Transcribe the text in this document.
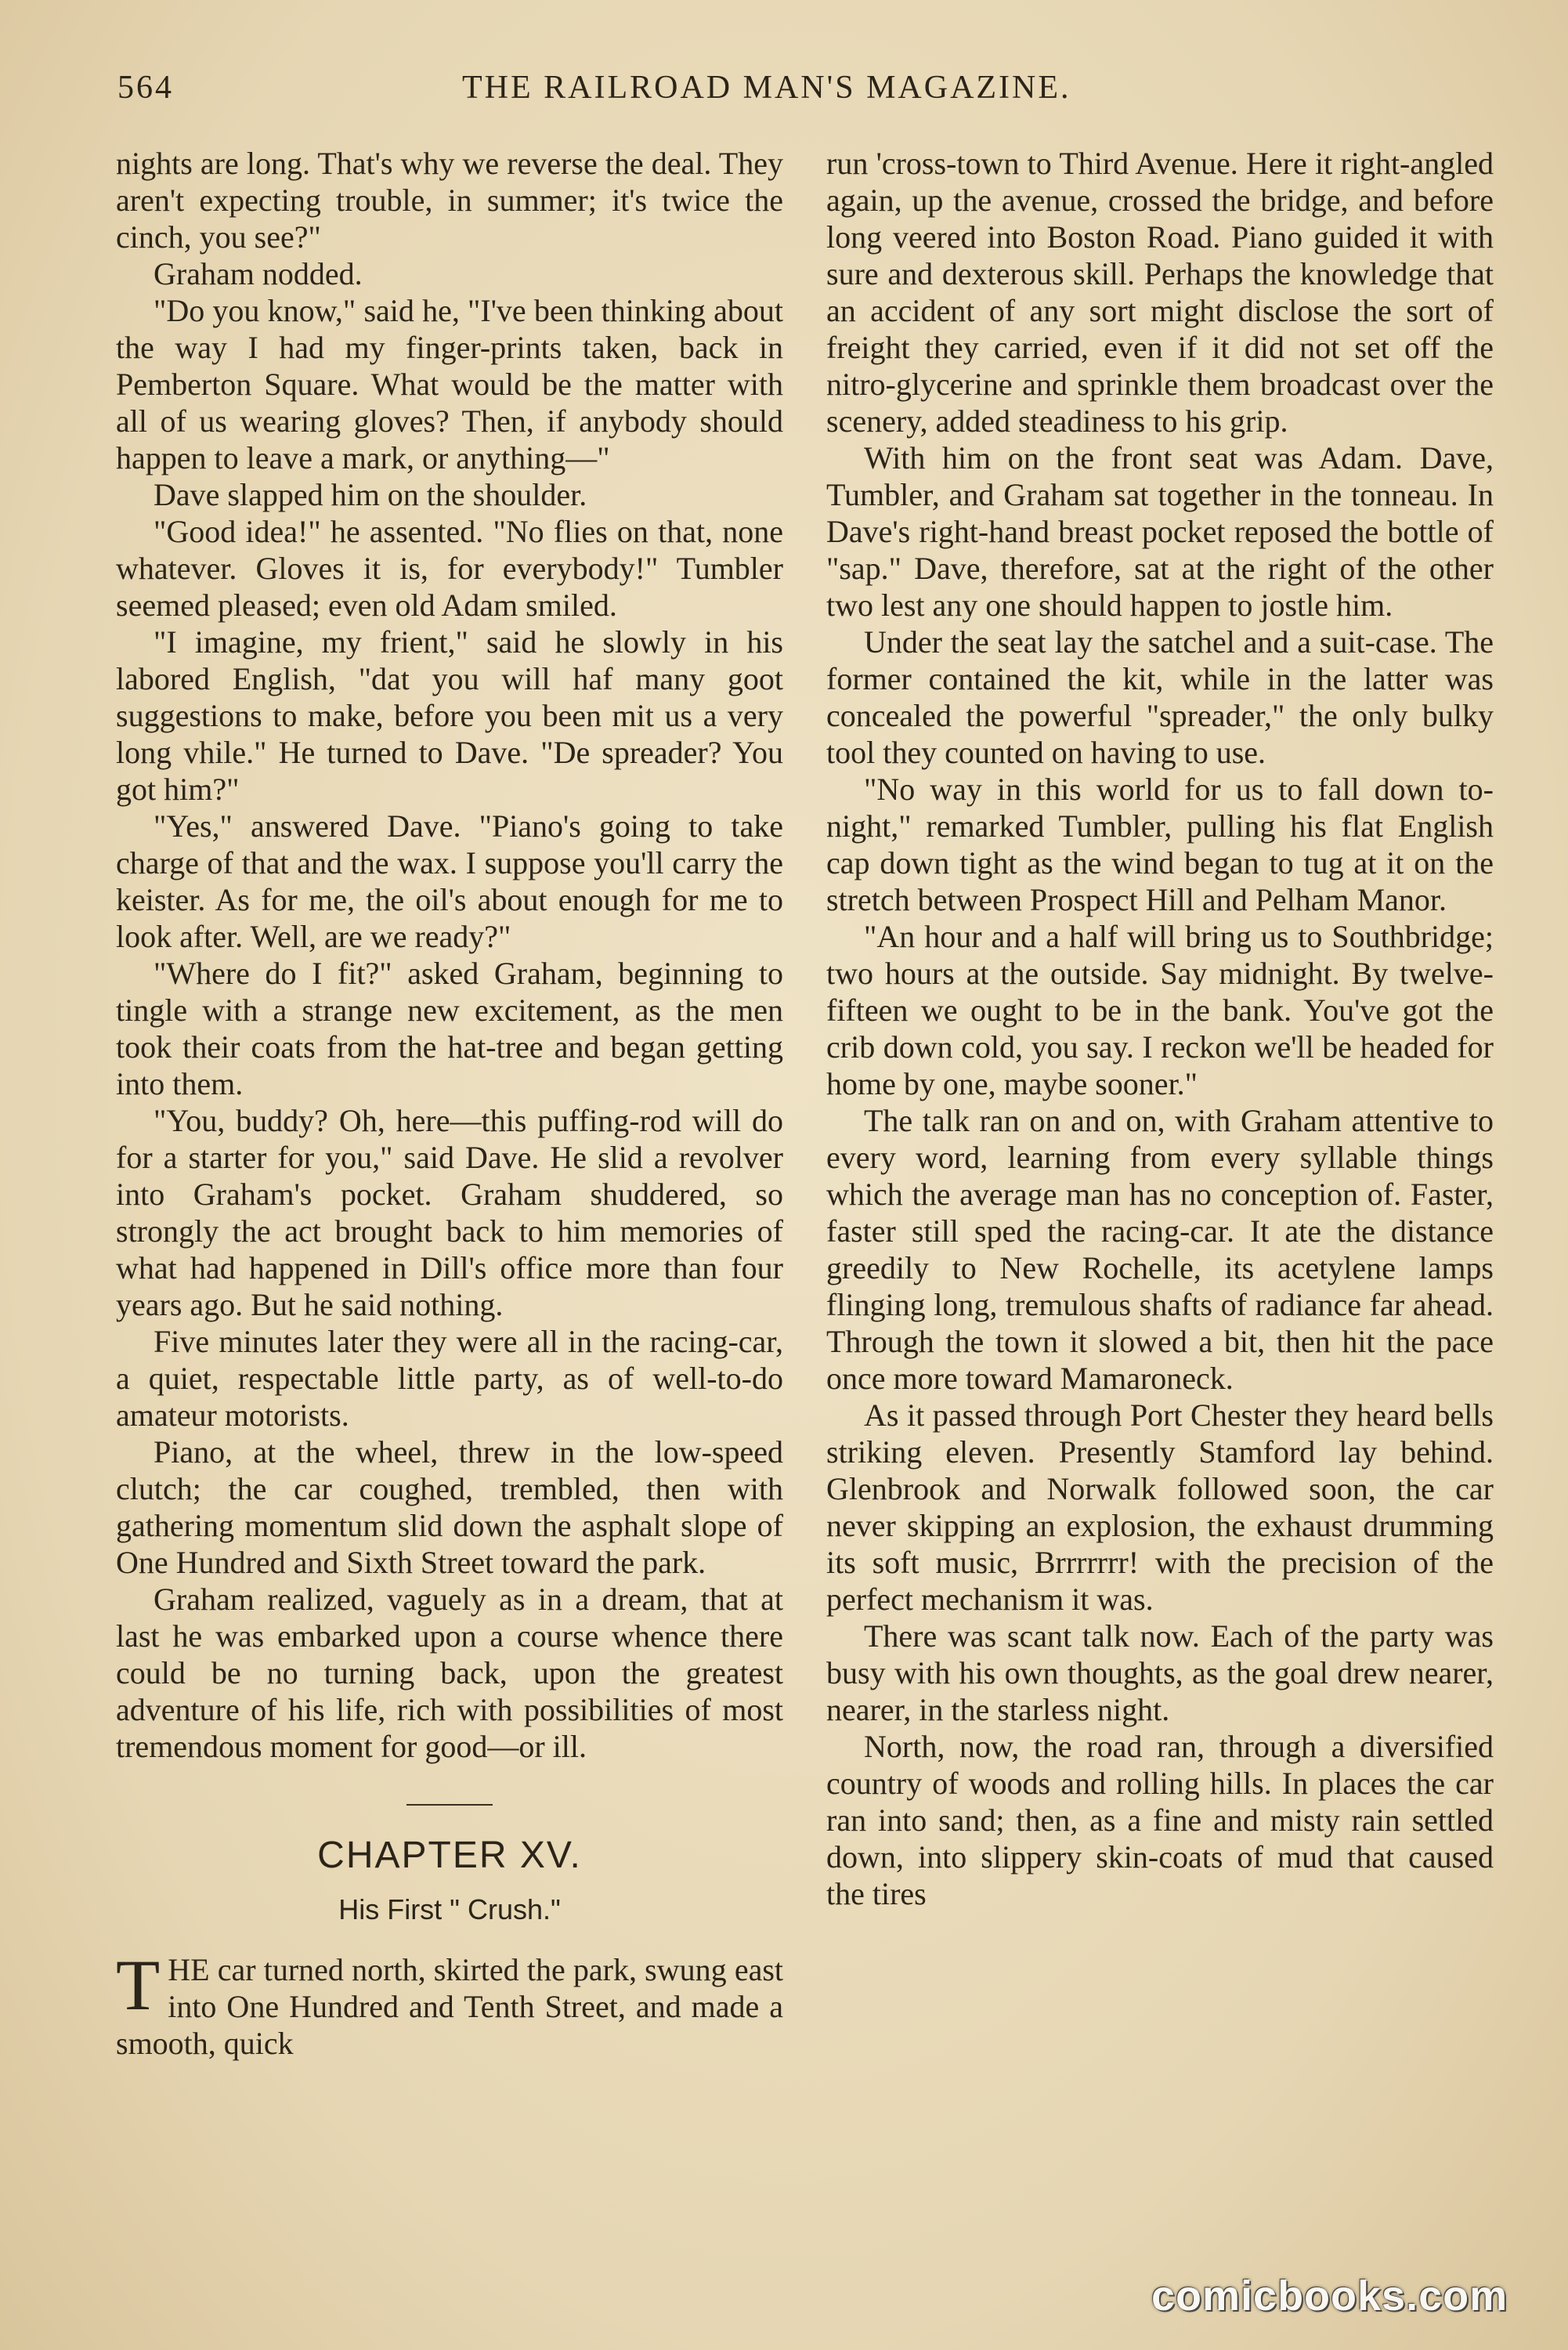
564	THE RAILROAD MAN'S MAGAZINE.

nights are long. That's why we reverse the deal. They aren't expecting trouble, in summer; it's twice the cinch, you see?"

Graham nodded.

"Do you know," said he, "I've been thinking about the way I had my finger-prints taken, back in Pemberton Square. What would be the matter with all of us wearing gloves? Then, if anybody should happen to leave a mark, or anything—"

Dave slapped him on the shoulder.

"Good idea!" he assented. "No flies on that, none whatever. Gloves it is, for everybody!" Tumbler seemed pleased; even old Adam smiled.

"I imagine, my frient," said he slowly in his labored English, "dat you will haf many goot suggestions to make, before you been mit us a very long vhile." He turned to Dave. "De spreader? You got him?"

"Yes," answered Dave. "Piano's going to take charge of that and the wax. I suppose you'll carry the keister. As for me, the oil's about enough for me to look after. Well, are we ready?"

"Where do I fit?" asked Graham, beginning to tingle with a strange new excitement, as the men took their coats from the hat-tree and began getting into them.

"You, buddy? Oh, here—this puffing-rod will do for a starter for you," said Dave. He slid a revolver into Graham's pocket. Graham shuddered, so strongly the act brought back to him memories of what had happened in Dill's office more than four years ago. But he said nothing.

Five minutes later they were all in the racing-car, a quiet, respectable little party, as of well-to-do amateur motorists.

Piano, at the wheel, threw in the low-speed clutch; the car coughed, trembled, then with gathering momentum slid down the asphalt slope of One Hundred and Sixth Street toward the park.

Graham realized, vaguely as in a dream, that at last he was embarked upon a course whence there could be no turning back, upon the greatest adventure of his life, rich with possibilities of most tremendous moment for good—or ill.

CHAPTER XV.
His First " Crush."

THE car turned north, skirted the park, swung east into One Hundred and Tenth Street, and made a smooth, quick

run 'cross-town to Third Avenue. Here it right-angled again, up the avenue, crossed the bridge, and before long veered into Boston Road. Piano guided it with sure and dexterous skill. Perhaps the knowledge that an accident of any sort might disclose the sort of freight they carried, even if it did not set off the nitro-glycerine and sprinkle them broadcast over the scenery, added steadiness to his grip.

With him on the front seat was Adam. Dave, Tumbler, and Graham sat together in the tonneau. In Dave's right-hand breast pocket reposed the bottle of "sap." Dave, therefore, sat at the right of the other two lest any one should happen to jostle him.

Under the seat lay the satchel and a suit-case. The former contained the kit, while in the latter was concealed the powerful "spreader," the only bulky tool they counted on having to use.

"No way in this world for us to fall down to-night," remarked Tumbler, pulling his flat English cap down tight as the wind began to tug at it on the stretch between Prospect Hill and Pelham Manor.

"An hour and a half will bring us to Southbridge; two hours at the outside. Say midnight. By twelve-fifteen we ought to be in the bank. You've got the crib down cold, you say. I reckon we'll be headed for home by one, maybe sooner."

The talk ran on and on, with Graham attentive to every word, learning from every syllable things which the average man has no conception of. Faster, faster still sped the racing-car. It ate the distance greedily to New Rochelle, its acetylene lamps flinging long, tremulous shafts of radiance far ahead. Through the town it slowed a bit, then hit the pace once more toward Mamaroneck.

As it passed through Port Chester they heard bells striking eleven. Presently Stamford lay behind. Glenbrook and Norwalk followed soon, the car never skipping an explosion, the exhaust drumming its soft music, Brrrrrrr! with the precision of the perfect mechanism it was.

There was scant talk now. Each of the party was busy with his own thoughts, as the goal drew nearer, nearer, in the starless night.

North, now, the road ran, through a diversified country of woods and rolling hills. In places the car ran into sand; then, as a fine and misty rain settled down, into slippery skin-coats of mud that caused the tires

comicbooks.com
